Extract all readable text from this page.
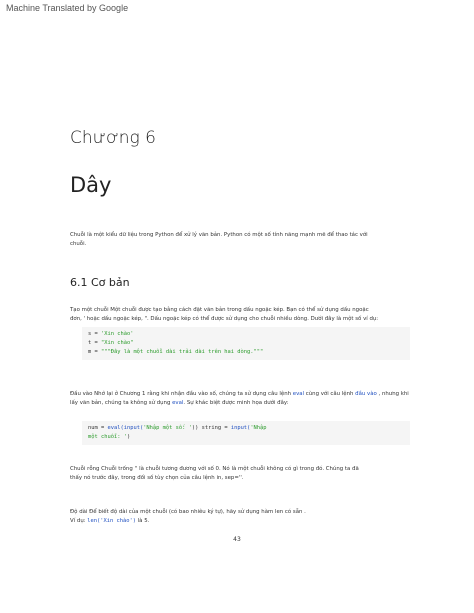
Machine Translated by Google
Chương 6
Dây
Chuỗi là một kiểu dữ liệu trong Python để xử lý văn bản. Python có một số tính năng mạnh mẽ để thao tác với
chuỗi.
6.1 Cơ bản
Tạo một chuỗi Một chuỗi được tạo bằng cách đặt văn bản trong dấu ngoặc kép. Bạn có thể sử dụng dấu ngoặc
đơn, ' hoặc dấu ngoặc kép, ". Dấu ngoặc kép có thể được sử dụng cho chuỗi nhiều dòng. Dưới đây là một số ví dụ:
s = 'Xin chào'
t = "Xin chào"
m = """Đây là một chuỗi dài trải dài trên hai dòng."""
Đầu vào Nhớ lại ở Chương 1 rằng khi nhận đầu vào số, chúng ta sử dụng câu lệnh eval cùng với câu lệnh đầu vào , nhưng khi
lấy văn bản, chúng ta không sử dụng eval. Sự khác biệt được minh họa dưới đây:
num = eval(input('Nhập một số: ')) string = input('Nhập
một chuỗi: ')
Chuỗi rỗng Chuỗi trống '' là chuỗi tương đương với số 0. Nó là một chuỗi không có gì trong đó. Chúng ta đã
thấy nó trước đây, trong đối số tùy chọn của câu lệnh in, sep=''.
Độ dài Để biết độ dài của một chuỗi (có bao nhiêu ký tự), hãy sử dụng hàm len có sẵn .
Ví dụ: len('Xin chào') là 5.
43
